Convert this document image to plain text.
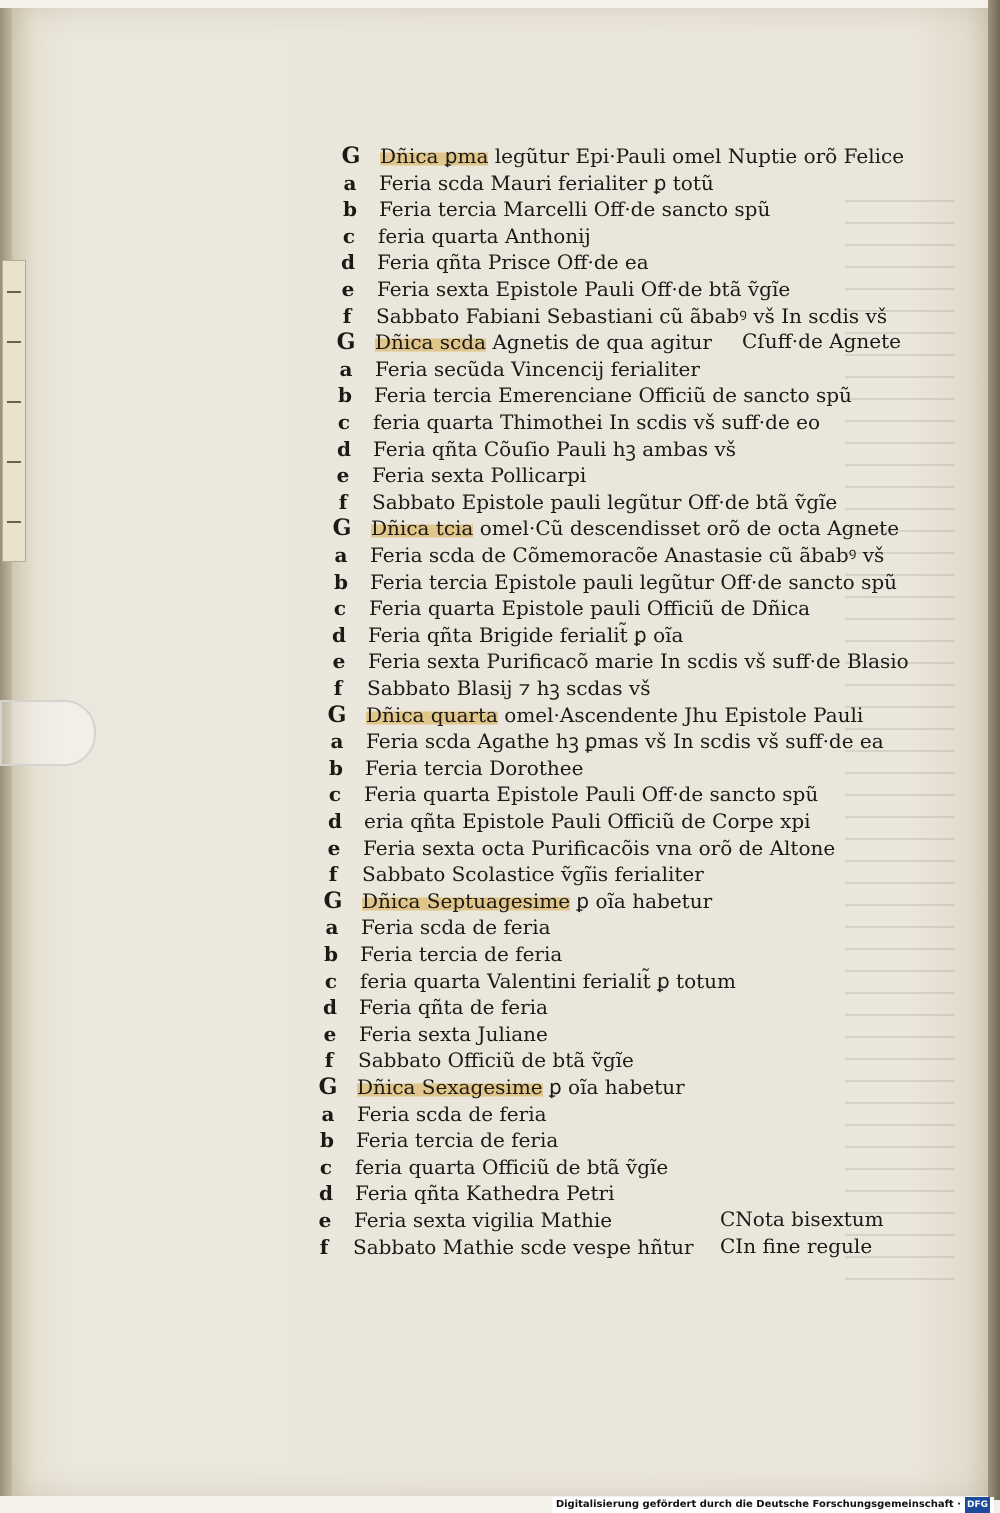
G Dñica ꝑma legũtur Epi·Pauli omel Nuptie orõ Felice
a Feria scda Mauri ferialiter ꝑ totũ
b Feria tercia Marcelli Off·de sancto spũ
c feria quarta Anthonij
d Feria qñta Prisce Off·de ea
e Feria sexta Epistole Pauli Off·de btã ṽgĩe
f	Sabbato Fabiani Sebastiani cũ ãbabꝰ vš In scdis vš
G Dñica scda Agnetis de qua agitur Cſuff·de Agnete
a Feria secũda Vincencij ferialiter
b Feria tercia Emerenciane Officiũ de sancto spũ
c feria quarta Thimothei In scdis vš suff·de eo
d Feria qñta Cõuſio Pauli hꝫ ambas vš
e Feria sexta Pollicarpi
f	Sabbato Epistole pauli legũtur Off·de btã ṽgĩe
G Dñica tcia omel·Cũ descendisset orõ de octa Agnete
a Feria scda de Cõmemoracõe Anastasie cũ ãbabꝰ vš
b Feria tercia Epistole pauli legũtur Off·de sancto spũ
c Feria quarta Epistole pauli Officiũ de Dñica
d Feria qñta Brigide ferialit̃ ꝑ oĩa
e Feria sexta Purificacõ marie In scdis vš suff·de Blasio
f	Sabbato Blasij ⁊ hꝫ scdas vš
G Dñica quarta omel·Ascendente Jhu Epistole Pauli
a Feria scda Agathe hꝫ ꝑmas vš In scdis vš suff·de ea
b Feria tercia Dorothee
c Feria quarta Epistole Pauli Off·de sancto spũ
d eria qñta Epistole Pauli Officiũ de Corpe xpi
e Feria sexta octa Purificacõis vna orõ de Altone
f	Sabbato Scolastice ṽgĩis ferialiter
G Dñica Septuagesime ꝑ oĩa habetur
a Feria scda de feria
b Feria tercia de feria
c feria quarta Valentini ferialit̃ ꝑ totum
d Feria qñta de feria
e Feria sexta Juliane
f	Sabbato Officiũ de btã ṽgĩe
G Dñica Sexagesime ꝑ oĩa habetur
a Feria scda de feria
b Feria tercia de feria
c feria quarta Officiũ de btã ṽgĩe
d Feria qñta Kathedra Petri
e Feria sexta vigilia Mathie	CNota bisextum
f	Sabbato Mathie scde vespe hñtur CIn fine regule
Digitalisierung gefördert durch die Deutsche Forschungsgemeinschaft · DFG
